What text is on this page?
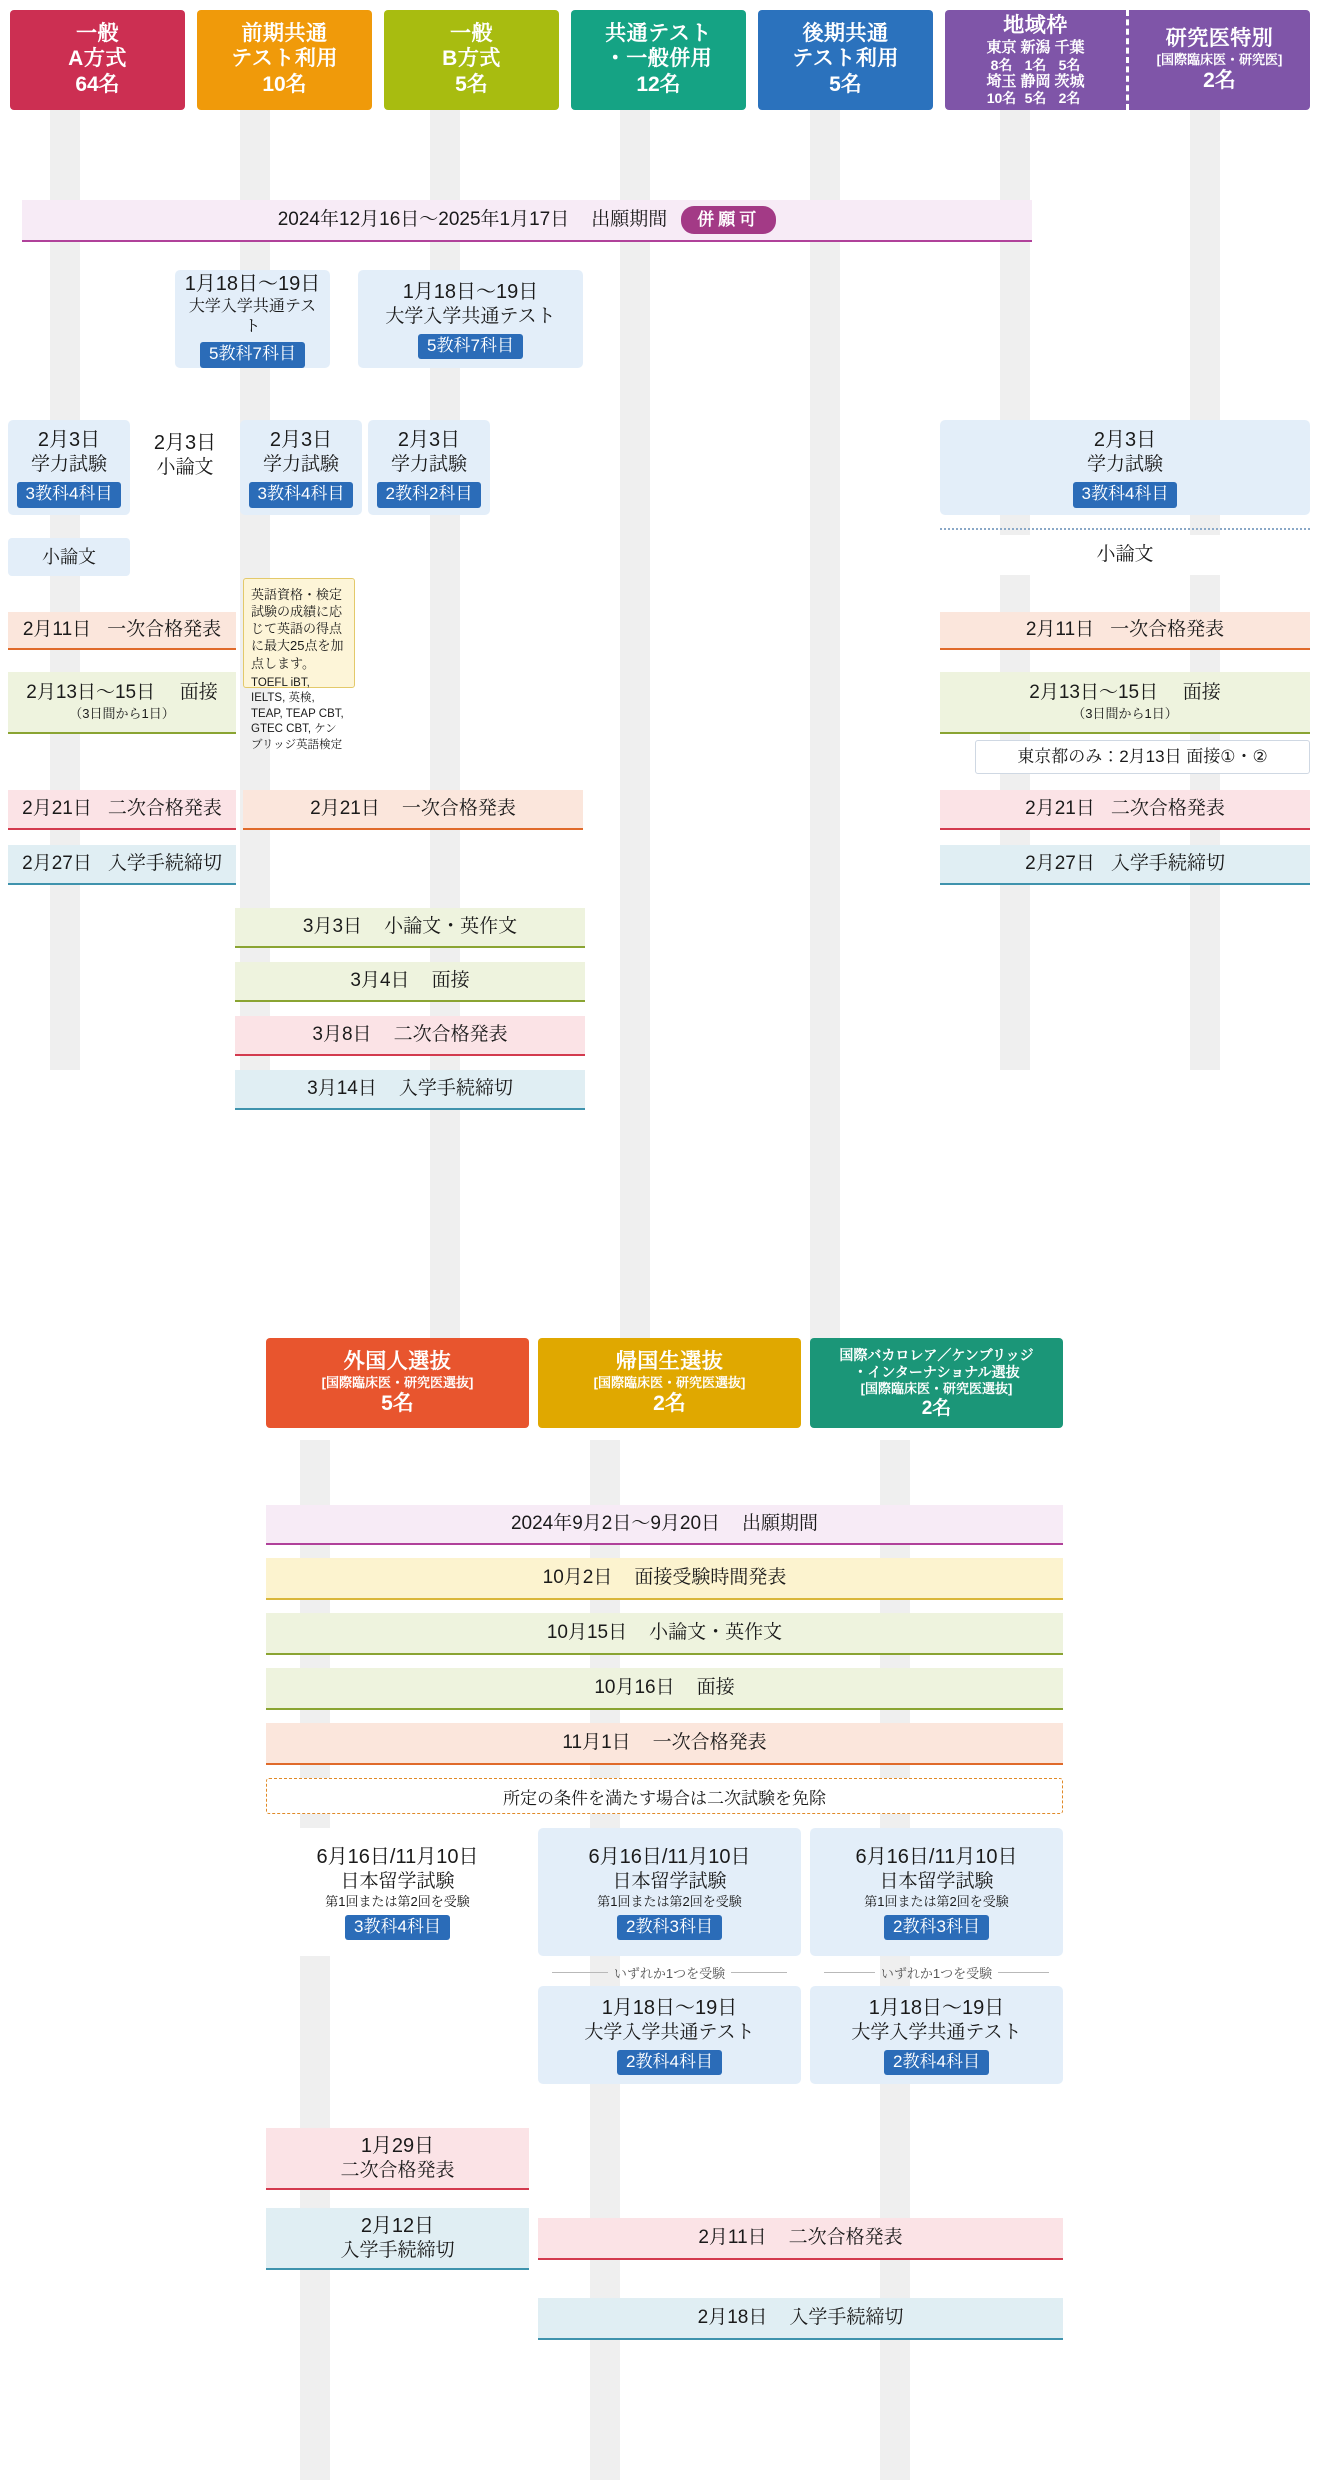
一般
A方式
64名
前期共通
テスト利用
10名
一般
B方式
5名
共通テスト
・一般併用
12名
後期共通
テスト利用
5名
地域枠
東京 新潟 千葉
8名 1名 5名
埼玉 静岡 茨城
10名 5名 2名
研究医特別
[国際臨床医・研究医]
2名
2024年12月16日〜2025年1月17日 出願期間	併願可
1月18日〜19日
大学入学共通テスト
5教科7科目
1月18日〜19日
大学入学共通テスト
5教科7科目
2月3日
学力試験
3教科4科目
2月3日
小論文
2月3日
学力試験
3教科4科目
2月3日
学力試験
2教科2科目
2月3日
学力試験
3教科4科目
小論文	小論文
英語資格・検定試験の成績に応じて英語の得点に最大25点を加点します。
TOEFL iBT, IELTS, 英検, TEAP, TEAP CBT, GTEC CBT, ケンブリッジ英語検定
2月11日 一次合格発表	2月11日 一次合格発表
2月13日〜15日 面接
（3日間から1日）
2月13日〜15日 面接
（3日間から1日）
東京都のみ：2月13日 面接①・②
2月21日 二次合格発表	2月21日 一次合格発表	2月21日 二次合格発表
2月27日 入学手続締切	2月27日 入学手続締切
3月3日 小論文・英作文
3月4日 面接
3月8日 二次合格発表
3月14日 入学手続締切
外国人選抜
[国際臨床医・研究医選抜]
5名
帰国生選抜
[国際臨床医・研究医選抜]
2名
国際バカロレア／ケンブリッジ
・インターナショナル選抜
[国際臨床医・研究医選抜]
2名
2024年9月2日〜9月20日 出願期間
10月2日 面接受験時間発表
10月15日 小論文・英作文
10月16日 面接
11月1日 一次合格発表
所定の条件を満たす場合は二次試験を免除
6月16日/11月10日
日本留学試験
第1回または第2回を受験
3教科4科目
6月16日/11月10日
日本留学試験
第1回または第2回を受験
2教科3科目
6月16日/11月10日
日本留学試験
第1回または第2回を受験
2教科3科目
いずれか1つを受験	いずれか1つを受験
1月18日〜19日
大学入学共通テスト
2教科4科目
1月18日〜19日
大学入学共通テスト
2教科4科目
1月29日
二次合格発表
2月12日
入学手続締切
2月11日 二次合格発表
2月18日 入学手続締切
